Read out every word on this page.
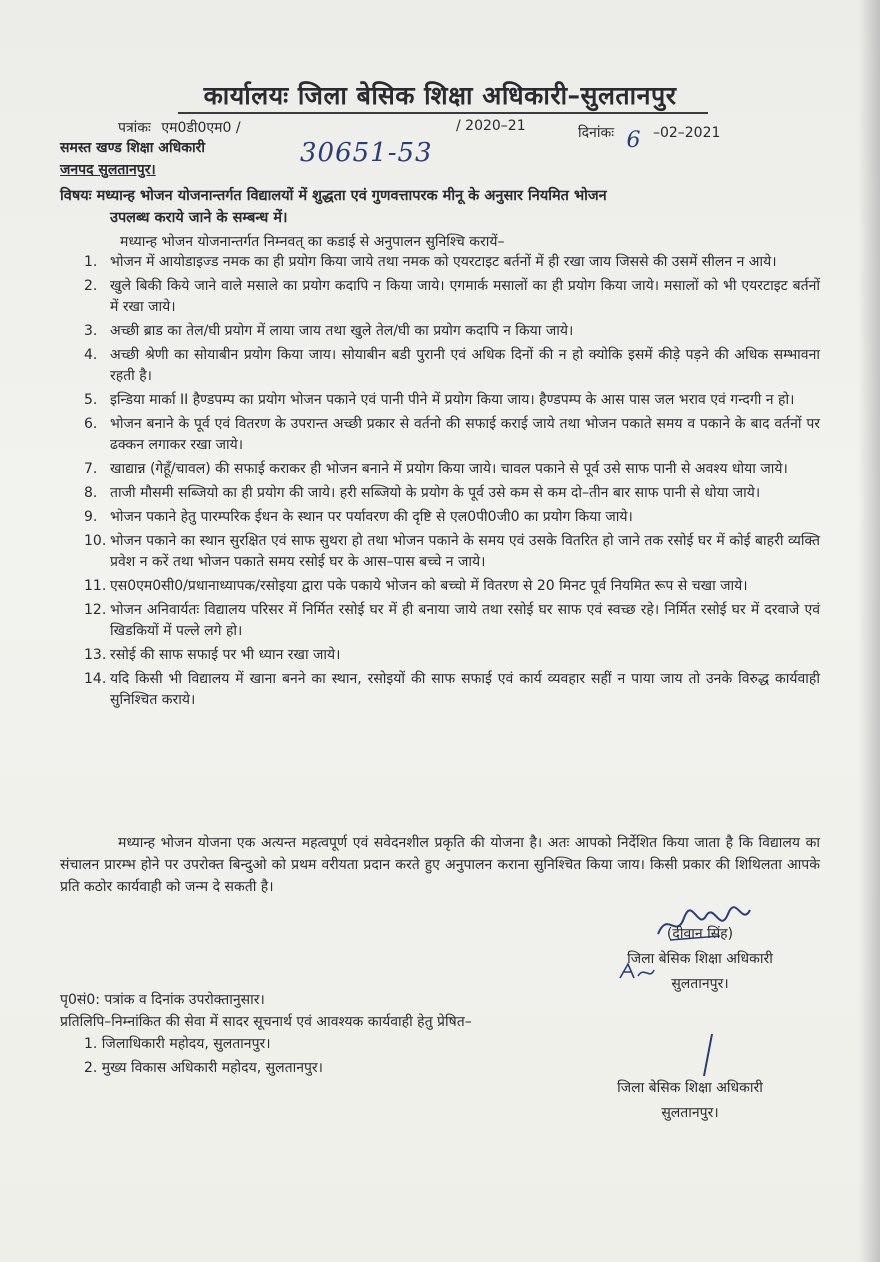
कार्यालयः जिला बेसिक शिक्षा अधिकारी–सुलतानपुर
पत्रांकः एम0डी0एम0 /	/ 2020–21	दिनांकः 6 –02–2021
30651-53
समस्त खण्ड शिक्षा अधिकारी
जनपद सुलतानपुर।
विषयः मध्यान्ह भोजन योजनान्तर्गत विद्यालयों में शुद्धता एवं गुणवत्तापरक मीनू के अनुसार नियमित भोजन
उपलब्ध कराये जाने के सम्बन्ध में।
मध्यान्ह भोजन योजनान्तर्गत निम्नवत् का कडाई से अनुपालन सुनिश्चि करायें–
1. भोजन में आयोडाइज्ड नमक का ही प्रयोग किया जाये तथा नमक को एयरटाइट बर्तनों में ही रखा जाय जिससे की उसमें सीलन न आये।
2. खुले बिकी किये जाने वाले मसाले का प्रयोग कदापि न किया जाये। एगमार्क मसालों का ही प्रयोग किया जाये। मसालों को भी एयरटाइट बर्तनों में रखा जाये।
3. अच्छी ब्राड का तेल/घी प्रयोग में लाया जाय तथा खुले तेल/घी का प्रयोग कदापि न किया जाये।
4. अच्छी श्रेणी का सोयाबीन प्रयोग किया जाय। सोयाबीन बडी पुरानी एवं अधिक दिनों की न हो क्योकि इसमें कीड़े पड़ने की अधिक सम्भावना रहती है।
5. इन्डिया मार्का II हैण्डपम्प का प्रयोग भोजन पकाने एवं पानी पीने में प्रयोग किया जाय। हैण्डपम्प के आस पास जल भराव एवं गन्दगी न हो।
6. भोजन बनाने के पूर्व एवं वितरण के उपरान्त अच्छी प्रकार से वर्तनो की सफाई कराई जाये तथा भोजन पकाते समय व पकाने के बाद वर्तनों पर ढक्कन लगाकर रखा जाये।
7. खाद्यान्न (गेहूँ/चावल) की सफाई कराकर ही भोजन बनाने में प्रयोग किया जाये। चावल पकाने से पूर्व उसे साफ पानी से अवश्य धोया जाये।
8. ताजी मौसमी सब्जियो का ही प्रयोग की जाये। हरी सब्जियो के प्रयोग के पूर्व उसे कम से कम दो–तीन बार साफ पानी से धोया जाये।
9. भोजन पकाने हेतु पारम्परिक ईधन के स्थान पर पर्यावरण की दृष्टि से एल0पी0जी0 का प्रयोग किया जाये।
10. भोजन पकाने का स्थान सुरक्षित एवं साफ सुथरा हो तथा भोजन पकाने के समय एवं उसके वितरित हो जाने तक रसोई घर में कोई बाहरी व्यक्ति प्रवेश न करें तथा भोजन पकाते समय रसोई घर के आस–पास बच्चे न जाये।
11. एस0एम0सी0/प्रधानाध्यापक/रसोइया द्वारा पके पकाये भोजन को बच्चो में वितरण से 20 मिनट पूर्व नियमित रूप से चखा जाये।
12. भोजन अनिवार्यतः विद्यालय परिसर में निर्मित रसोई घर में ही बनाया जाये तथा रसोई घर साफ एवं स्वच्छ रहे। निर्मित रसोई घर में दरवाजे एवं खिडकियों में पल्ले लगे हो।
13. रसोई की साफ सफाई पर भी ध्यान रखा जाये।
14. यदि किसी भी विद्यालय में खाना बनने का स्थान, रसोइयों की साफ सफाई एवं कार्य व्यवहार सहीं न पाया जाय तो उनके विरुद्ध कार्यवाही सुनिश्चित कराये।
मध्यान्ह भोजन योजना एक अत्यन्त महत्वपूर्ण एवं सवेदनशील प्रकृति की योजना है। अतः आपको निर्देशित किया जाता है कि विद्यालय का संचालन प्रारम्भ होने पर उपरोक्त बिन्दुओ को प्रथम वरीयता प्रदान करते हुए अनुपालन कराना सुनिश्चित किया जाय। किसी प्रकार की शिथिलता आपके प्रति कठोर कार्यवाही को जन्म दे सकती है।
(दीवान सिंह)
जिला बेसिक शिक्षा अधिकारी
सुलतानपुर।
पृ0सं0: पत्रांक व दिनांक उपरोक्तानुसार।
प्रतिलिपि–निम्नांकित की सेवा में सादर सूचनार्थ एवं आवश्यक कार्यवाही हेतु प्रेषित–
1. जिलाधिकारी महोदय, सुलतानपुर।
2. मुख्य विकास अधिकारी महोदय, सुलतानपुर।
जिला बेसिक शिक्षा अधिकारी
सुलतानपुर।
